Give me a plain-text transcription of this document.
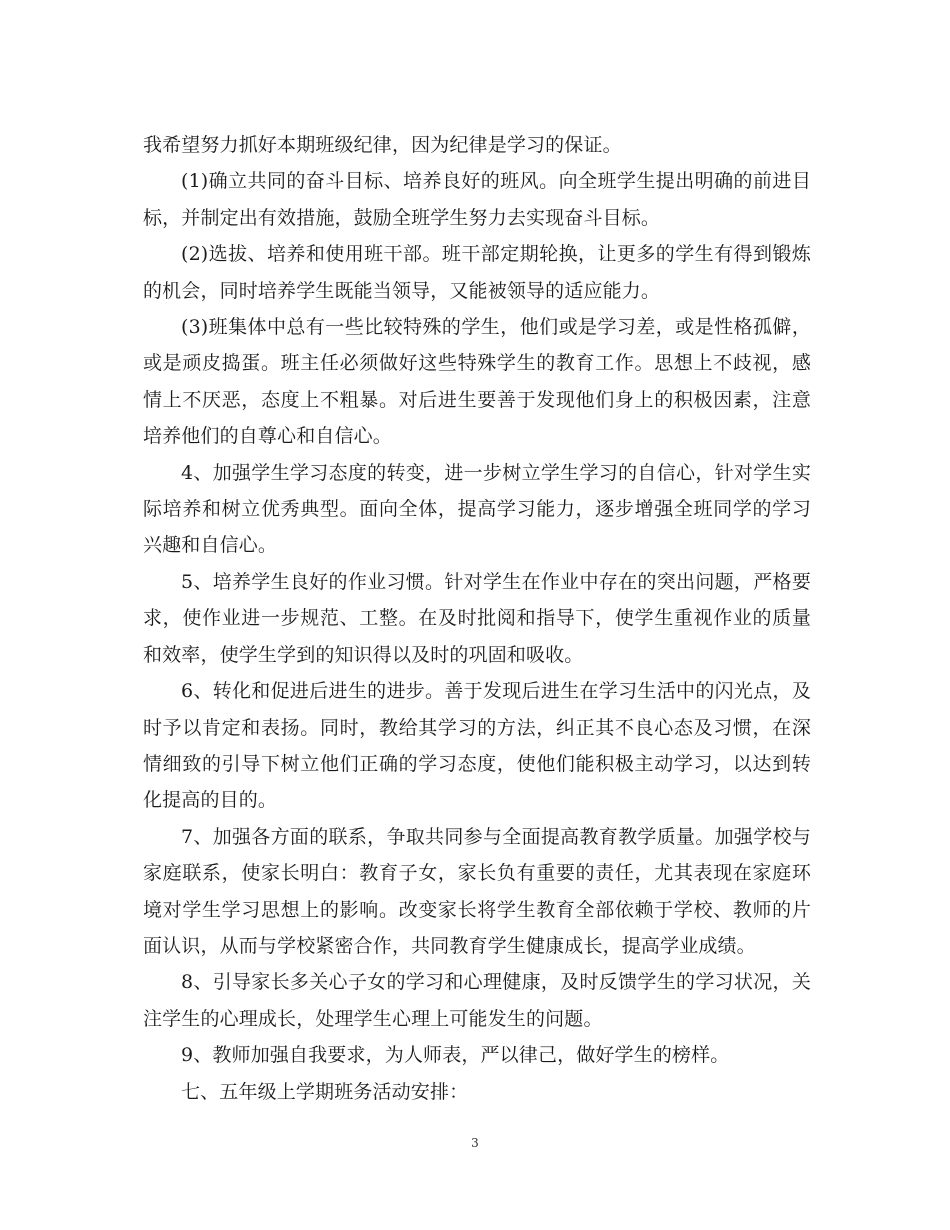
我希望努力抓好本期班级纪律，因为纪律是学习的保证。

(1)确立共同的奋斗目标、培养良好的班风。向全班学生提出明确的前进目标，并制定出有效措施，鼓励全班学生努力去实现奋斗目标。

(2)选拔、培养和使用班干部。班干部定期轮换，让更多的学生有得到锻炼的机会，同时培养学生既能当领导，又能被领导的适应能力。

(3)班集体中总有一些比较特殊的学生，他们或是学习差，或是性格孤僻，或是顽皮捣蛋。班主任必须做好这些特殊学生的教育工作。思想上不歧视，感情上不厌恶，态度上不粗暴。对后进生要善于发现他们身上的积极因素，注意培养他们的自尊心和自信心。

4、加强学生学习态度的转变，进一步树立学生学习的自信心，针对学生实际培养和树立优秀典型。面向全体，提高学习能力，逐步增强全班同学的学习兴趣和自信心。

5、培养学生良好的作业习惯。针对学生在作业中存在的突出问题，严格要求，使作业进一步规范、工整。在及时批阅和指导下，使学生重视作业的质量和效率，使学生学到的知识得以及时的巩固和吸收。

6、转化和促进后进生的进步。善于发现后进生在学习生活中的闪光点，及时予以肯定和表扬。同时，教给其学习的方法，纠正其不良心态及习惯，在深情细致的引导下树立他们正确的学习态度，使他们能积极主动学习，以达到转化提高的目的。

7、加强各方面的联系，争取共同参与全面提高教育教学质量。加强学校与家庭联系，使家长明白：教育子女，家长负有重要的责任，尤其表现在家庭环境对学生学习思想上的影响。改变家长将学生教育全部依赖于学校、教师的片面认识，从而与学校紧密合作，共同教育学生健康成长，提高学业成绩。

8、引导家长多关心子女的学习和心理健康，及时反馈学生的学习状况，关注学生的心理成长，处理学生心理上可能发生的问题。

9、教师加强自我要求，为人师表，严以律己，做好学生的榜样。

七、五年级上学期班务活动安排：

3
